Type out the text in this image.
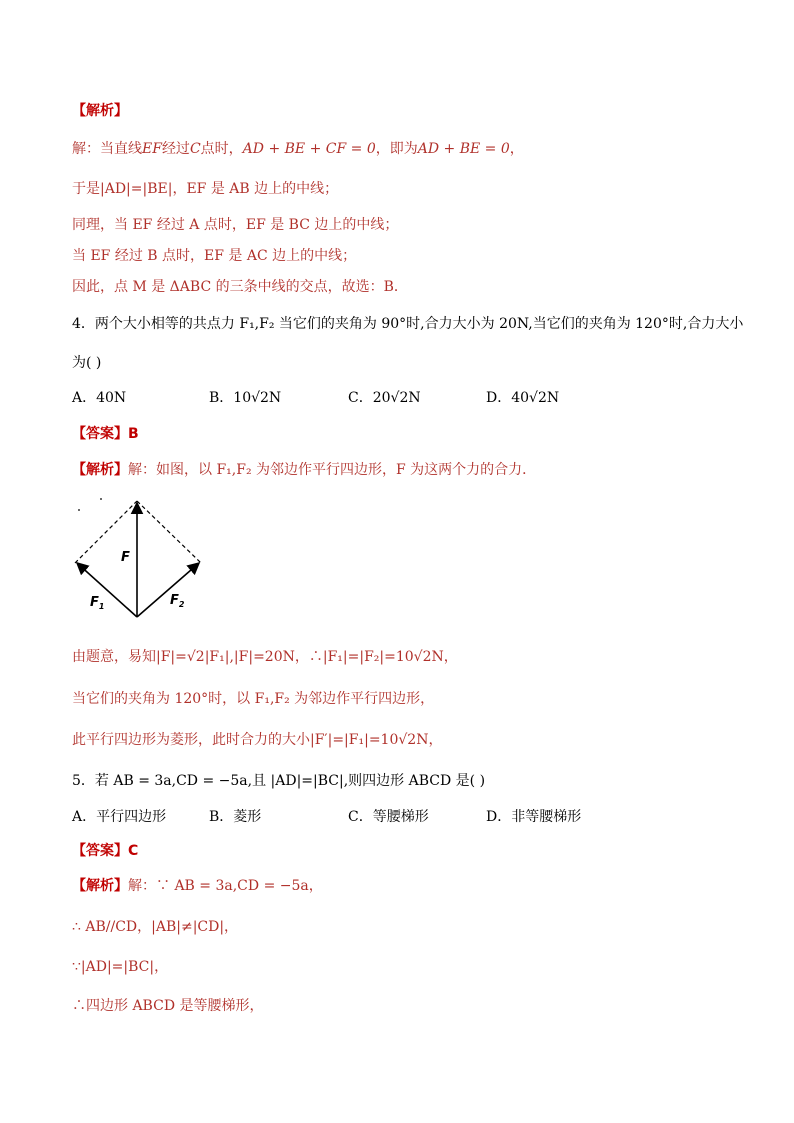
【解析】
解：当直线EF经过C点时，AD + BE + CF = 0，即为AD + BE = 0，
于是|AD|=|BE|，EF 是 AB 边上的中线；
同理，当 EF 经过 A 点时，EF 是 BC 边上的中线；
当 EF 经过 B 点时，EF 是 AC 边上的中线；
因此，点 M 是 ΔABC 的三条中线的交点，故选：B．
4．两个大小相等的共点力 F₁,F₂ 当它们的夹角为 90°时,合力大小为 20N,当它们的夹角为 120°时,合力大小
为( )
A．40N	B．10√2N	C．20√2N	D．40√2N
【答案】B
【解析】解：如图，以 F₁,F₂ 为邻边作平行四边形，F 为这两个力的合力．
F
$F_1$	$F_2$
由题意，易知|F|=√2|F₁|,|F|=20N，∴|F₁|=|F₂|=10√2N，
当它们的夹角为 120°时，以 F₁,F₂ 为邻边作平行四边形，
此平行四边形为菱形，此时合力的大小|F′|=|F₁|=10√2N，
5．若 AB = 3a,CD = −5a,且 |AD|=|BC|,则四边形 ABCD 是( )
A．平行四边形	B．菱形	C．等腰梯形	D．非等腰梯形
【答案】C
【解析】解：∵ AB = 3a,CD = −5a，
∴ AB//CD，|AB|≠|CD|，
∵|AD|=|BC|，
∴四边形 ABCD 是等腰梯形，
